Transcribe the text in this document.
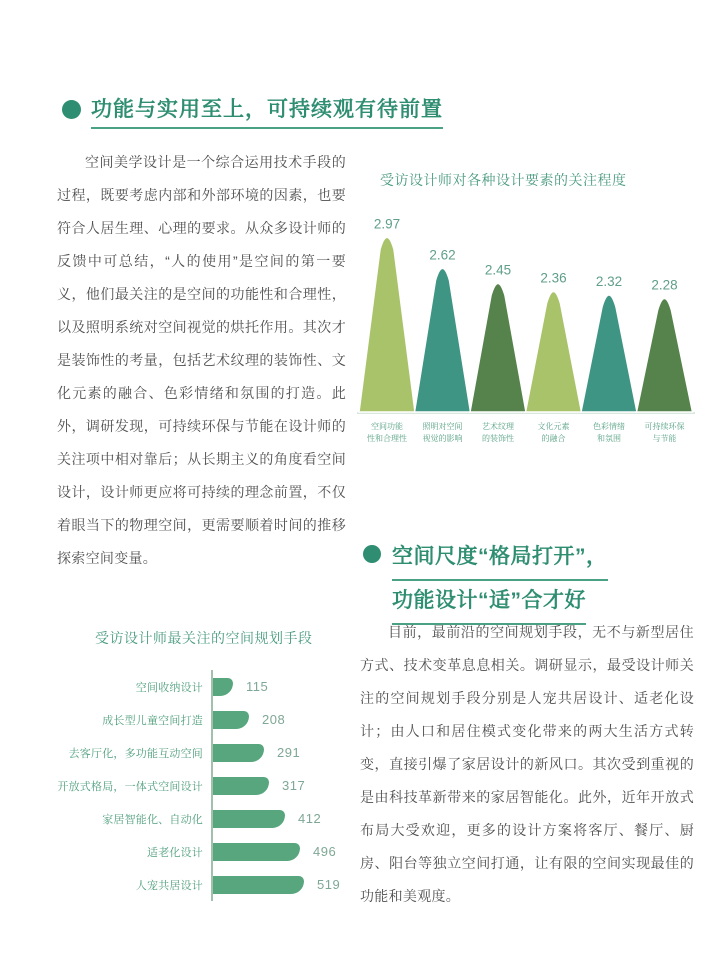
功能与实用至上，可持续观有待前置

空间美学设计是一个综合运用技术手段的过程，既要考虑内部和外部环境的因素，也要符合人居生理、心理的要求。从众多设计师的反馈中可总结，“人的使用”是空间的第一要义，他们最关注的是空间的功能性和合理性，以及照明系统对空间视觉的烘托作用。其次才是装饰性的考量，包括艺术纹理的装饰性、文化元素的融合、色彩情绪和氛围的打造。此外，调研发现，可持续环保与节能在设计师的关注项中相对靠后；从长期主义的角度看空间设计，设计师更应将可持续的理念前置，不仅着眼当下的物理空间，更需要顺着时间的推移探索空间变量。

受访设计师对各种设计要素的关注程度

2.97
空间功能性和合理性
2.62
照明对空间视觉的影响
2.45
艺术纹理的装饰性
2.36
文化元素的融合
2.32
色彩情绪和氛围
2.28
可持续环保与节能
空间尺度“格局打开”，
功能设计“适”合才好

目前，最前沿的空间规划手段，无不与新型居住方式、技术变革息息相关。调研显示，最受设计师关注的空间规划手段分别是人宠共居设计、适老化设计；由人口和居住模式变化带来的两大生活方式转变，直接引爆了家居设计的新风口。其次受到重视的是由科技革新带来的家居智能化。此外，近年开放式布局大受欢迎，更多的设计方案将客厅、餐厅、厨房、阳台等独立空间打通，让有限的空间实现最佳的功能和美观度。

受访设计师最关注的空间规划手段

空间收纳设计	115
成长型儿童空间打造	208
去客厅化，多功能互动空间	291
开放式格局，一体式空间设计	317
家居智能化、自动化	412
适老化设计	496
人宠共居设计	519
